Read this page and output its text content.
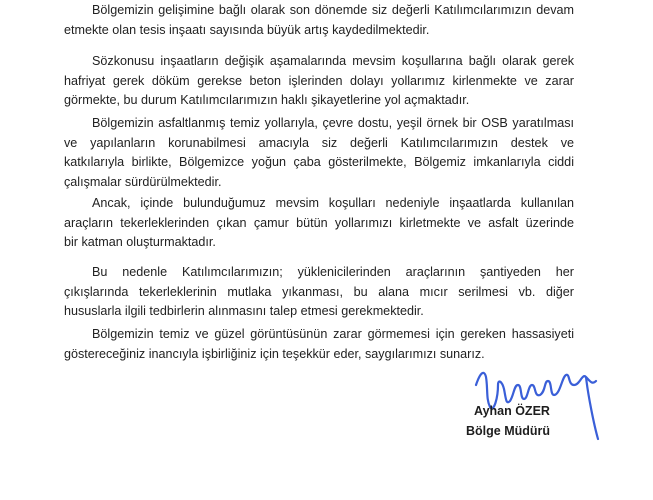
Bölgemizin gelişimine bağlı olarak son dönemde siz değerli Katılımcılarımızın devam
etmekte olan tesis inşaatı sayısında büyük artış kaydedilmektedir.
Sözkonusu inşaatların değişik aşamalarında mevsim koşullarına bağlı olarak gerek
hafriyat gerek döküm gerekse beton işlerinden dolayı yollarımız kirlenmekte ve zarar
görmekte, bu durum Katılımcılarımızın haklı şikayetlerine yol açmaktadır.
Bölgemizin asfaltlanmış temiz yollarıyla, çevre dostu, yeşil örnek bir OSB yaratılması
ve yapılanların korunabilmesi amacıyla siz değerli Katılımcılarımızın destek ve
katkılarıyla birlikte, Bölgemizce yoğun çaba gösterilmekte, Bölgemiz imkanlarıyla ciddi
çalışmalar sürdürülmektedir.
Ancak, içinde bulunduğumuz mevsim koşulları nedeniyle inşaatlarda kullanılan
araçların tekerleklerinden çıkan çamur bütün yollarımızı kirletmekte ve asfalt üzerinde
bir katman oluşturmaktadır.
Bu nedenle Katılımcılarımızın; yüklenicilerinden araçlarının şantiyeden her
çıkışlarında tekerleklerinin mutlaka yıkanması, bu alana mıcır serilmesi vb. diğer
hususlarla ilgili tedbirlerin alınmasını talep etmesi gerekmektedir.
Bölgemizin temiz ve güzel görüntüsünün zarar görmemesi için gereken hassasiyeti
göstereceğiniz inancıyla işbirliğiniz için teşekkür eder, saygılarımızı sunarız.

Ayhan ÖZER

Bölge Müdürü
